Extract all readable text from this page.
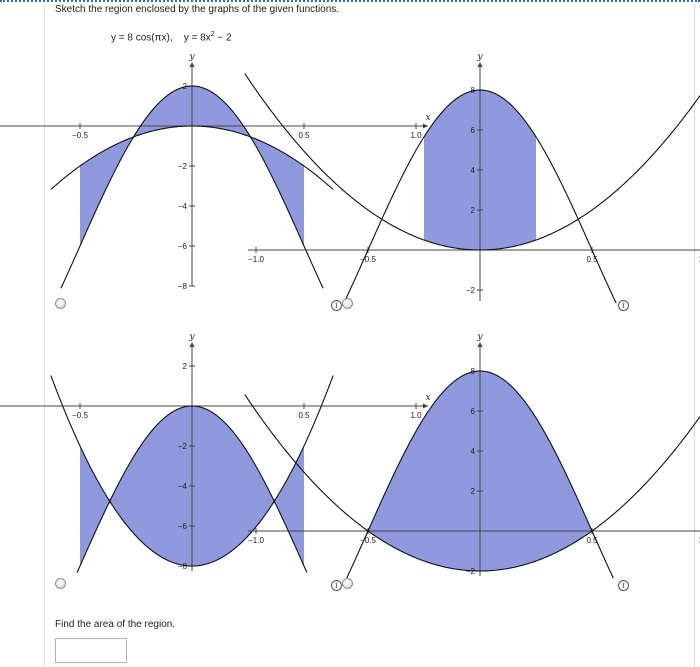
Sketch the region enclosed by the graphs of the given functions.
y = 8 cos(πx), $y = 8x^2 - 2$
−0.5	0.5	1.0
2
−2
−4
−6
−8
x
y
i
−1.0	−0.5	0.5
8
6
4
2
−2
y
i
−0.5	0.5	1.0
2
−2
−4
−6
−8
x
y
i
−1.0	−0.5	0.5
8
6
4
2
−2
y
i
Find the area of the region.
